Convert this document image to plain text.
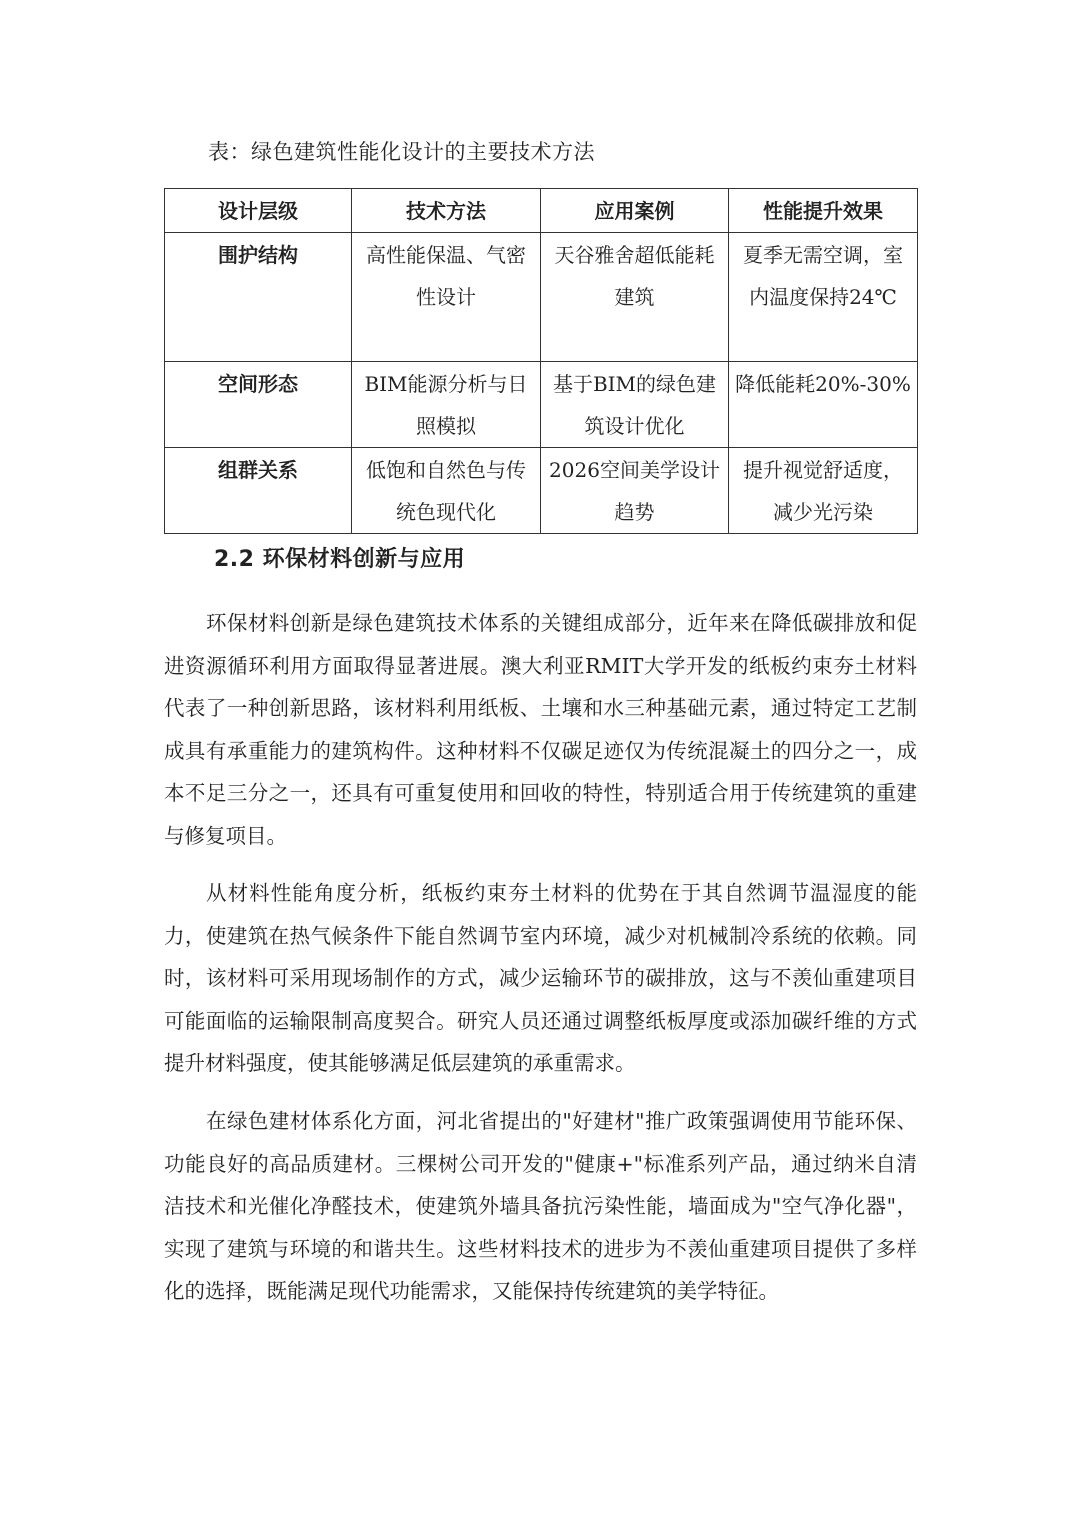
表：绿色建筑性能化设计的主要技术方法
设计层级	技术方法	应用案例	性能提升效果
围护结构	高性能保温、气密性设计	天谷雅舍超低能耗建筑	夏季无需空调，室内温度保持24℃
空间形态	BIM能源分析与日照模拟	基于BIM的绿色建筑设计优化	降低能耗20%-30%
组群关系	低饱和自然色与传统色现代化	2026空间美学设计趋势	提升视觉舒适度，减少光污染
2.2 环保材料创新与应用

环保材料创新是绿色建筑技术体系的关键组成部分，近年来在降低碳排放和促进资源循环利用方面取得显著进展。澳大利亚RMIT大学开发的纸板约束夯土材料代表了一种创新思路，该材料利用纸板、土壤和水三种基础元素，通过特定工艺制成具有承重能力的建筑构件。这种材料不仅碳足迹仅为传统混凝土的四分之一，成本不足三分之一，还具有可重复使用和回收的特性，特别适合用于传统建筑的重建与修复项目。

从材料性能角度分析，纸板约束夯土材料的优势在于其自然调节温湿度的能力，使建筑在热气候条件下能自然调节室内环境，减少对机械制冷系统的依赖。同时，该材料可采用现场制作的方式，减少运输环节的碳排放，这与不羡仙重建项目可能面临的运输限制高度契合。研究人员还通过调整纸板厚度或添加碳纤维的方式提升材料强度，使其能够满足低层建筑的承重需求。

在绿色建材体系化方面，河北省提出的"好建材"推广政策强调使用节能环保、功能良好的高品质建材。三棵树公司开发的"健康+"标准系列产品，通过纳米自清洁技术和光催化净醛技术，使建筑外墙具备抗污染性能，墙面成为"空气净化器"，实现了建筑与环境的和谐共生。这些材料技术的进步为不羡仙重建项目提供了多样化的选择，既能满足现代功能需求，又能保持传统建筑的美学特征。
